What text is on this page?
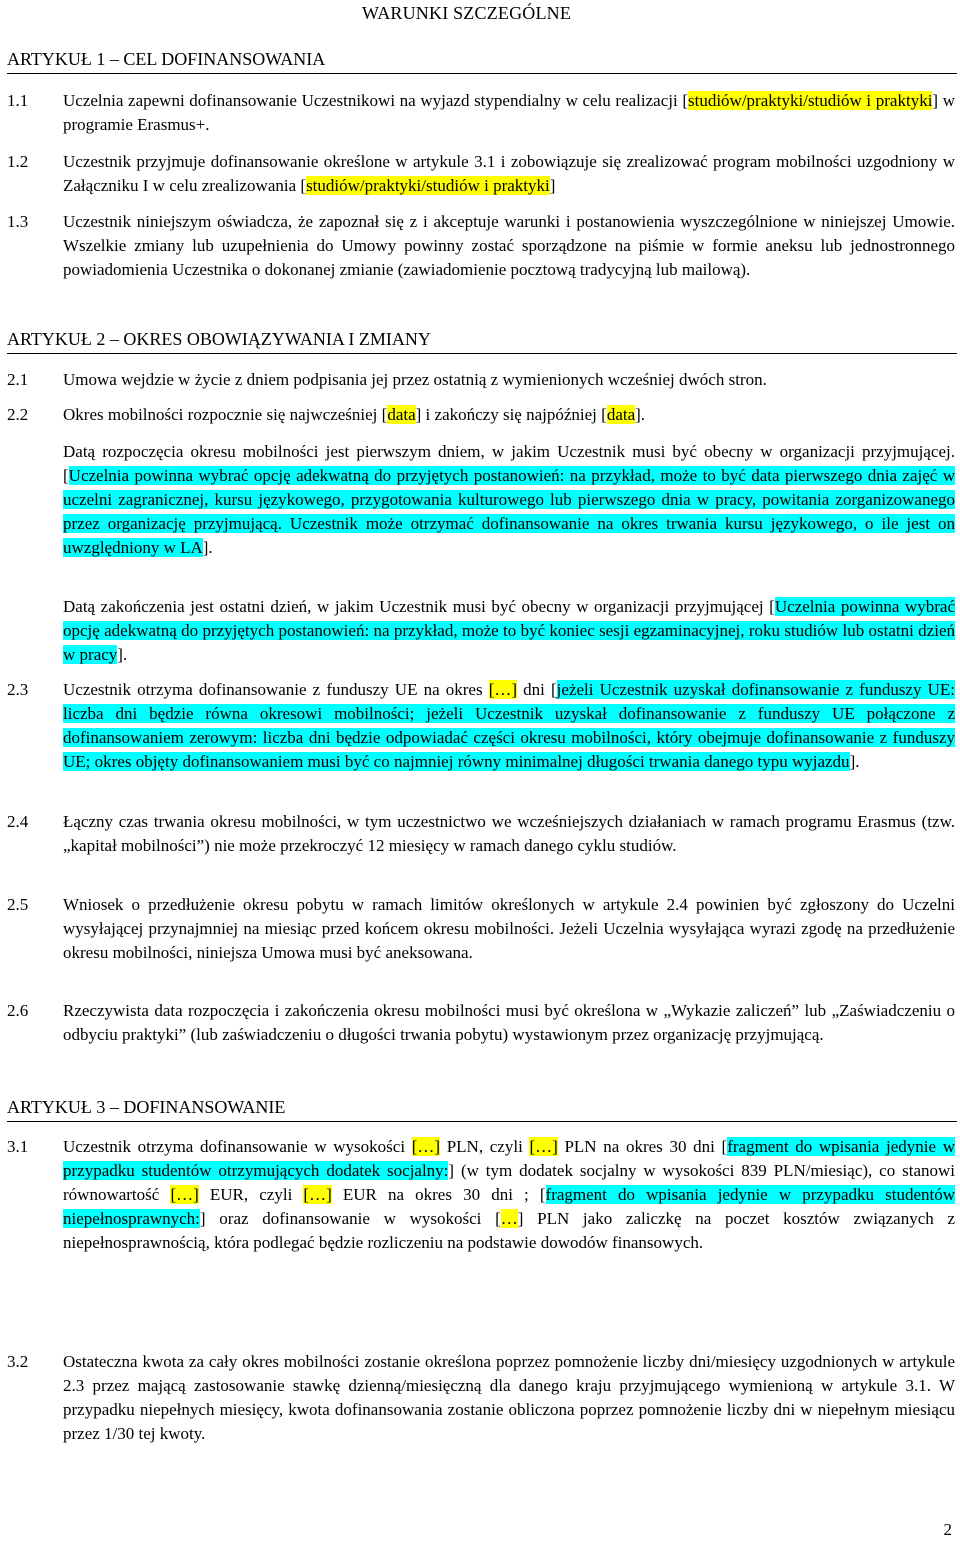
WARUNKI SZCZEGÓLNE
ARTYKUŁ 1 – CEL DOFINANSOWANIA
1.1	Uczelnia zapewni dofinansowanie Uczestnikowi na wyjazd stypendialny w celu realizacji [studiów/praktyki/studiów i praktyki] w programie Erasmus+.
1.2	Uczestnik przyjmuje dofinansowanie określone w artykule 3.1 i zobowiązuje się zrealizować program mobilności uzgodniony w Załączniku I w celu zrealizowania [studiów/praktyki/studiów i praktyki]
1.3	Uczestnik niniejszym oświadcza, że zapoznał się z i akceptuje warunki i postanowienia wyszczególnione w niniejszej Umowie. Wszelkie zmiany lub uzupełnienia do Umowy powinny zostać sporządzone na piśmie w formie aneksu lub jednostronnego powiadomienia Uczestnika o dokonanej zmianie (zawiadomienie pocztową tradycyjną lub mailową).
ARTYKUŁ 2 – OKRES OBOWIĄZYWANIA I ZMIANY
2.1	Umowa wejdzie w życie z dniem podpisania jej przez ostatnią z wymienionych wcześniej dwóch stron.
2.2	Okres mobilności rozpocznie się najwcześniej [data] i zakończy się najpóźniej [data].
Datą rozpoczęcia okresu mobilności jest pierwszym dniem, w jakim Uczestnik musi być obecny w organizacji przyjmującej. [Uczelnia powinna wybrać opcję adekwatną do przyjętych postanowień: na przykład, może to być data pierwszego dnia zajęć w uczelni zagranicznej, kursu językowego, przygotowania kulturowego lub pierwszego dnia w pracy, powitania zorganizowanego przez organizację przyjmującą. Uczestnik może otrzymać dofinansowanie na okres trwania kursu językowego, o ile jest on uwzględniony w LA].
Datą zakończenia jest ostatni dzień, w jakim Uczestnik musi być obecny w organizacji przyjmującej [Uczelnia powinna wybrać opcję adekwatną do przyjętych postanowień: na przykład, może to być koniec sesji egzaminacyjnej, roku studiów lub ostatni dzień w pracy].
2.3	Uczestnik otrzyma dofinansowanie z funduszy UE na okres […] dni [jeżeli Uczestnik uzyskał dofinansowanie z funduszy UE: liczba dni będzie równa okresowi mobilności; jeżeli Uczestnik uzyskał dofinansowanie z funduszy UE połączone z dofinansowaniem zerowym: liczba dni będzie odpowiadać części okresu mobilności, który obejmuje dofinansowanie z funduszy UE; okres objęty dofinansowaniem musi być co najmniej równy minimalnej długości trwania danego typu wyjazdu].
2.4	Łączny czas trwania okresu mobilności, w tym uczestnictwo we wcześniejszych działaniach w ramach programu Erasmus (tzw. „kapitał mobilności”) nie może przekroczyć 12 miesięcy w ramach danego cyklu studiów.
2.5	Wniosek o przedłużenie okresu pobytu w ramach limitów określonych w artykule 2.4 powinien być zgłoszony do Uczelni wysyłającej przynajmniej na miesiąc przed końcem okresu mobilności. Jeżeli Uczelnia wysyłająca wyrazi zgodę na przedłużenie okresu mobilności, niniejsza Umowa musi być aneksowana.
2.6	Rzeczywista data rozpoczęcia i zakończenia okresu mobilności musi być określona w „Wykazie zaliczeń” lub „Zaświadczeniu o odbyciu praktyki” (lub zaświadczeniu o długości trwania pobytu) wystawionym przez organizację przyjmującą.
ARTYKUŁ 3 – DOFINANSOWANIE
3.1	Uczestnik otrzyma dofinansowanie w wysokości […] PLN, czyli […] PLN na okres 30 dni [fragment do wpisania jedynie w przypadku studentów otrzymujących dodatek socjalny:] (w tym dodatek socjalny w wysokości 839 PLN/miesiąc), co stanowi równowartość […] EUR, czyli […] EUR na okres 30 dni ; [fragment do wpisania jedynie w przypadku studentów niepełnosprawnych:] oraz dofinansowanie w wysokości […] PLN jako zaliczkę na poczet kosztów związanych z niepełnosprawnością, która podlegać będzie rozliczeniu na podstawie dowodów finansowych.
3.2	Ostateczna kwota za cały okres mobilności zostanie określona poprzez pomnożenie liczby dni/miesięcy uzgodnionych w artykule 2.3 przez mającą zastosowanie stawkę dzienną/miesięczną dla danego kraju przyjmującego wymienioną w artykule 3.1. W przypadku niepełnych miesięcy, kwota dofinansowania zostanie obliczona poprzez pomnożenie liczby dni w niepełnym miesiącu przez 1/30 tej kwoty.
2
